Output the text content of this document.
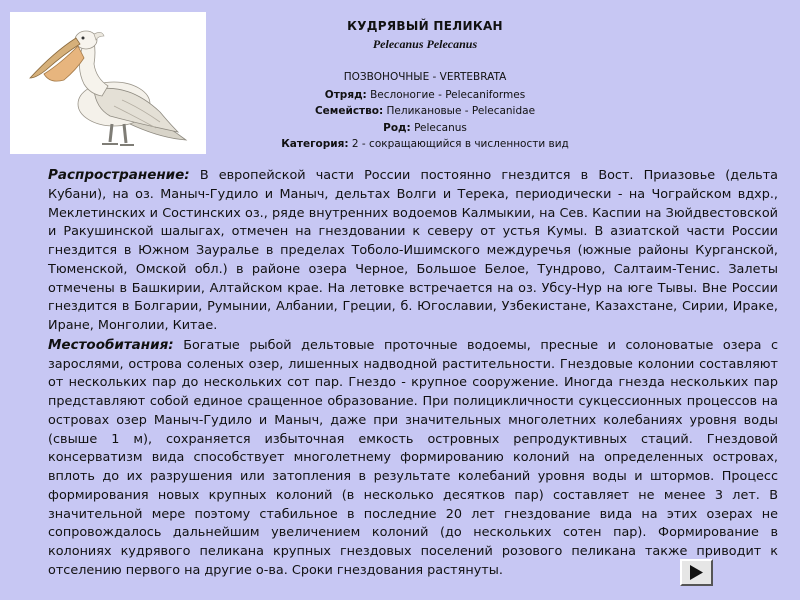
КУДРЯВЫЙ ПЕЛИКАН
Pelecanus Pelecanus
ПОЗВОНОЧНЫЕ - VERTEBRATA
Отряд: Веслоногие - Pelecaniformes
Семейство: Пеликановые - Pelecanidae
Род: Pelecanus
Категория: 2 - сокращающийся в численности вид

Распространение: В европейской части России постоянно гнездится в Вост. Приазовье (дельта Кубани), на оз. Маныч-Гудило и Маныч, дельтах Волги и Терека, периодически - на Чограйском вдхр., Меклетинских и Состинских оз., ряде внутренних водоемов Калмыкии, на Сев. Каспии на Зюйдвестовской и Ракушинской шалыгах, отмечен на гнездовании к северу от устья Кумы. В азиатской части России гнездится в Южном Зауралье в пределах Тоболо-Ишимского междуречья (южные районы Курганской, Тюменской, Омской обл.) в районе озера Черное, Большое Белое, Тундрово, Салтаим-Тенис. Залеты отмечены в Башкирии, Алтайском крае. На летовке встречается на оз. Убсу-Нур на юге Тывы. Вне России гнездится в Болгарии, Румынии, Албании, Греции, б. Югославии, Узбекистане, Казахстане, Сирии, Ираке, Иране, Монголии, Китае.

Местообитания: Богатые рыбой дельтовые проточные водоемы, пресные и солоноватые озера с зарослями, острова соленых озер, лишенных надводной растительности. Гнездовые колонии составляют от нескольких пар до нескольких сот пар. Гнездо - крупное сооружение. Иногда гнезда нескольких пар представляют собой единое сращенное образование. При полицикличности сукцессионных процессов на островах озер Маныч-Гудило и Маныч, даже при значительных многолетних колебаниях уровня воды (свыше 1 м), сохраняется избыточная емкость островных репродуктивных стаций. Гнездовой консерватизм вида способствует многолетнему формированию колоний на определенных островах, вплоть до их разрушения или затопления в результате колебаний уровня воды и штормов. Процесс формирования новых крупных колоний (в несколько десятков пар) составляет не менее 3 лет. В значительной мере поэтому стабильное в последние 20 лет гнездование вида на этих озерах не сопровождалось дальнейшим увеличением колоний (до нескольких сотен пар). Формирование в колониях кудрявого пеликана крупных гнездовых поселений розового пеликана также приводит к отселению первого на другие о-ва. Сроки гнездования растянуты.
